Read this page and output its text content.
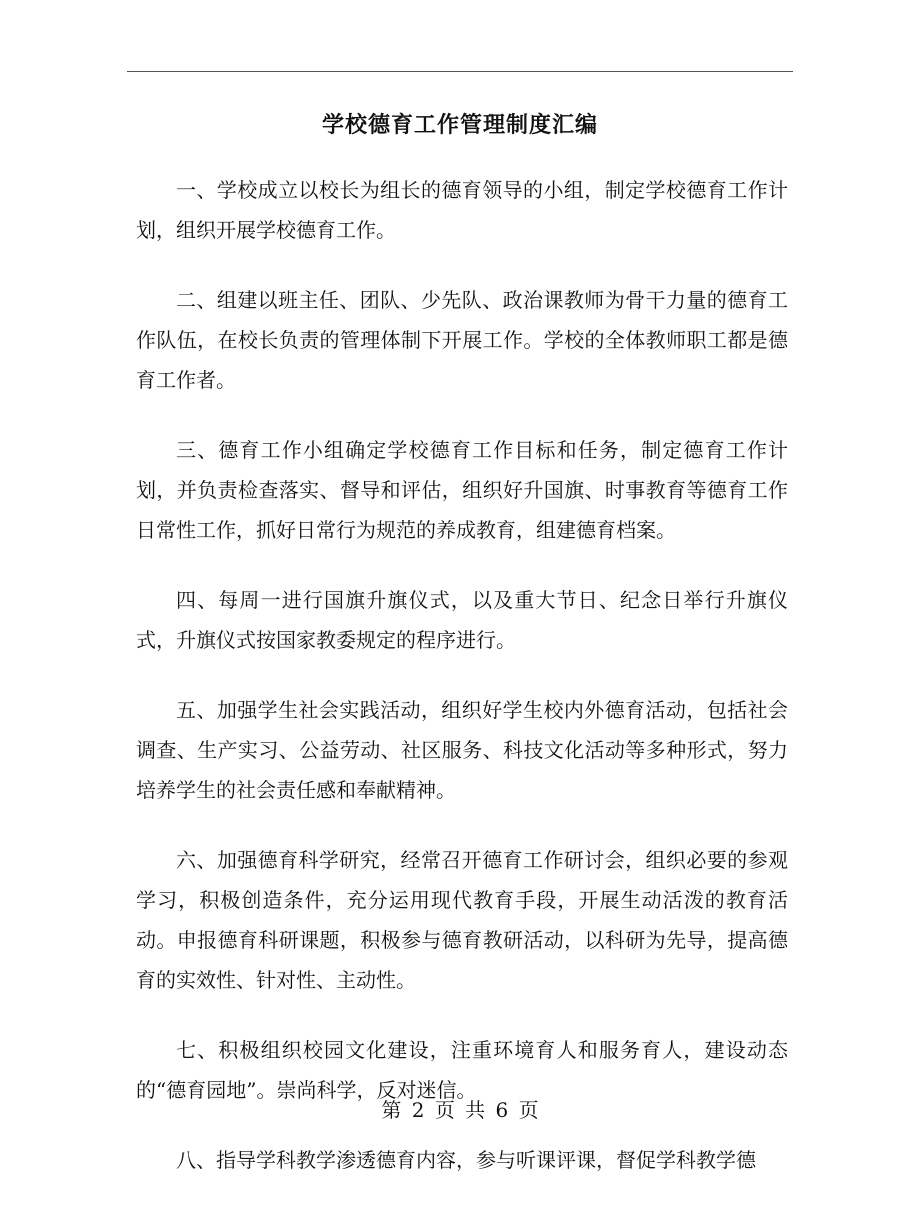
学校德育工作管理制度汇编

一、学校成立以校长为组长的德育领导的小组，制定学校德育工作计划，组织开展学校德育工作。

二、组建以班主任、团队、少先队、政治课教师为骨干力量的德育工作队伍，在校长负责的管理体制下开展工作。学校的全体教师职工都是德育工作者。

三、德育工作小组确定学校德育工作目标和任务，制定德育工作计划，并负责检查落实、督导和评估，组织好升国旗、时事教育等德育工作日常性工作，抓好日常行为规范的养成教育，组建德育档案。

四、每周一进行国旗升旗仪式，以及重大节日、纪念日举行升旗仪式，升旗仪式按国家教委规定的程序进行。

五、加强学生社会实践活动，组织好学生校内外德育活动，包括社会调查、生产实习、公益劳动、社区服务、科技文化活动等多种形式，努力培养学生的社会责任感和奉献精神。

六、加强德育科学研究，经常召开德育工作研讨会，组织必要的参观学习，积极创造条件，充分运用现代教育手段，开展生动活泼的教育活动。申报德育科研课题，积极参与德育教研活动，以科研为先导，提高德育的实效性、针对性、主动性。

七、积极组织校园文化建设，注重环境育人和服务育人，建设动态的“德育园地”。崇尚科学，反对迷信。

八、指导学科教学渗透德育内容，参与听课评课，督促学科教学德

第 2 页 共 6 页
